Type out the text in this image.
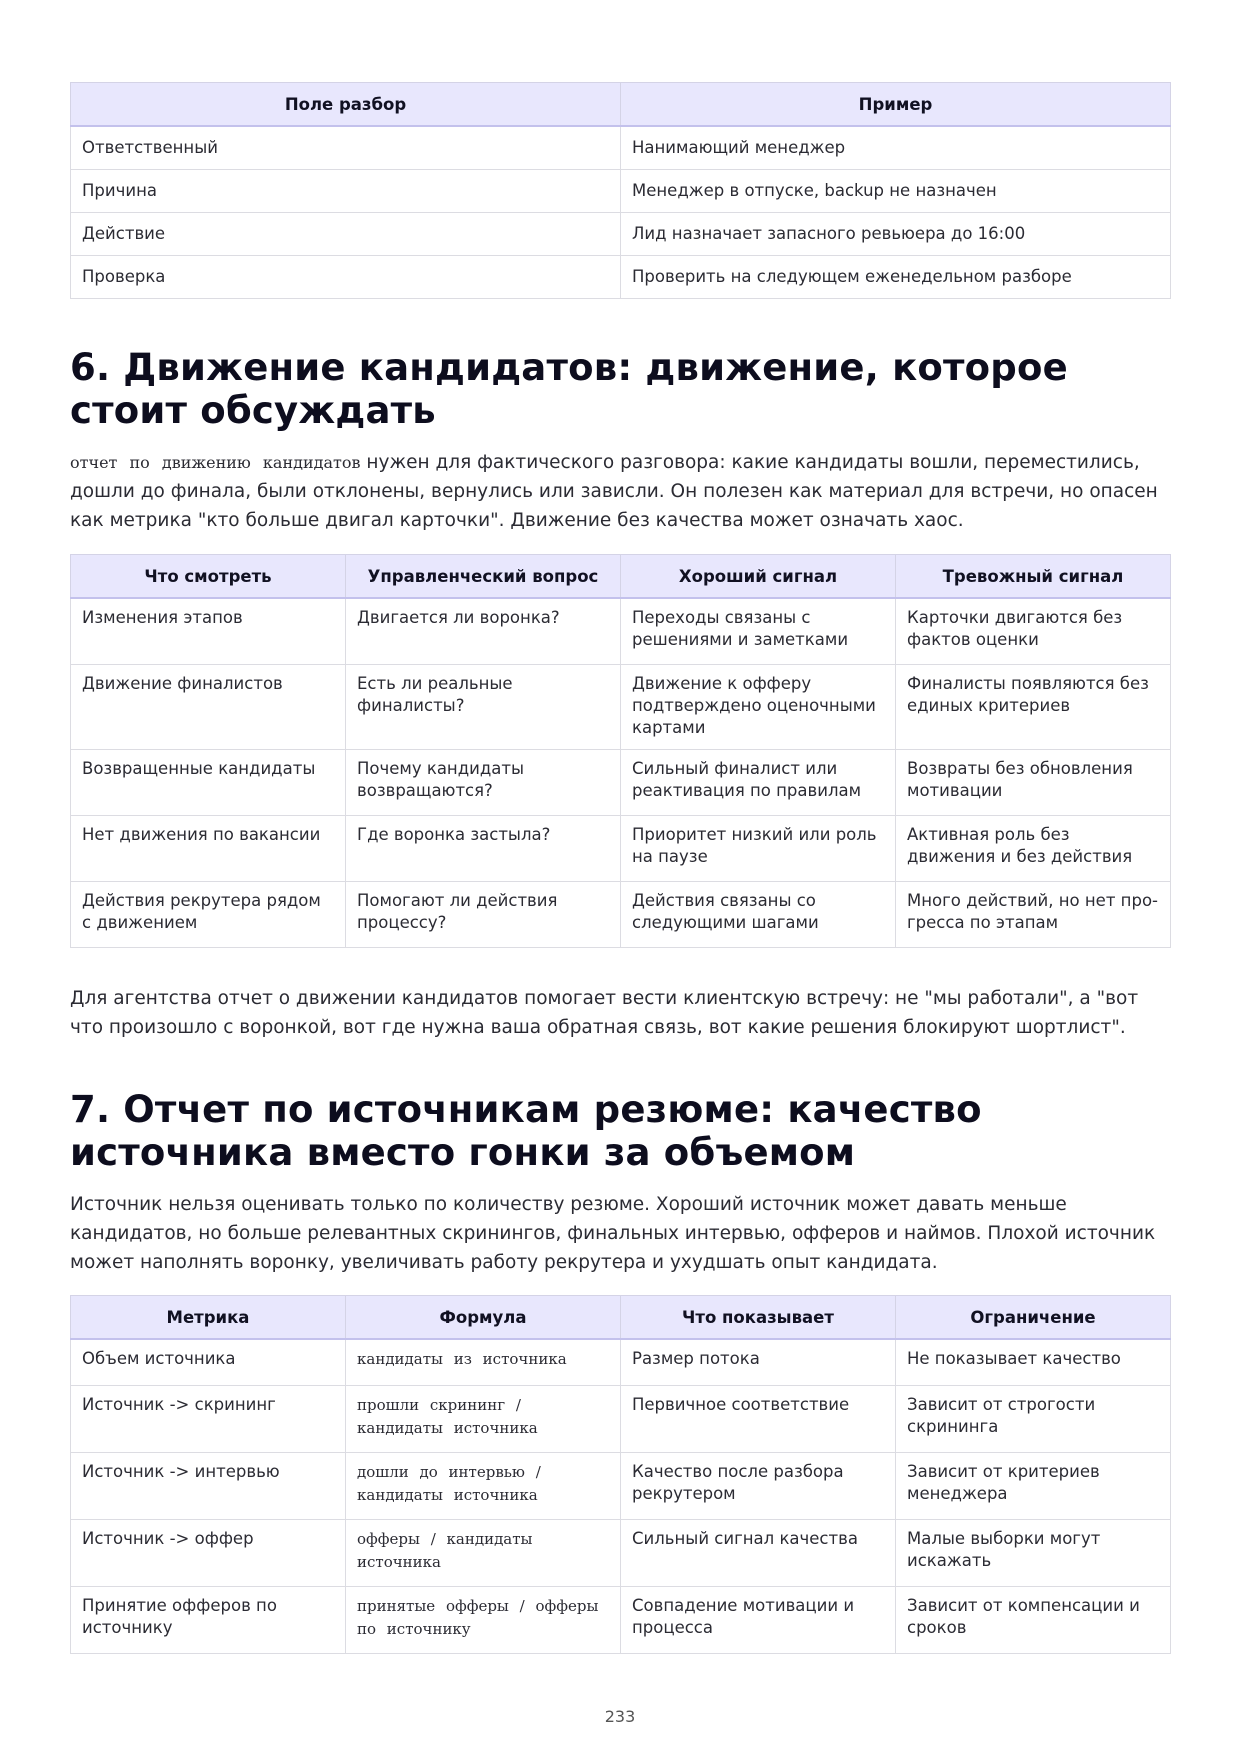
Поле разбор	Пример
Ответственный	Нанимающий менеджер
Причина	Менеджер в отпуске, backup не назначен
Действие	Лид назначает запасного ревьюера до 16:00
Проверка	Проверить на следующем еженедельном разборе
6. Движение кандидатов: движение, которое стоит обсуждать

отчет по движению кандидатов нужен для фактического разговора: какие кандидаты вошли, переместились, дошли до финала, были отклонены, вернулись или зависли. Он полезен как материал для встречи, но опасен как метрика "кто больше двигал карточки". Движение без качества может означать хаос.

Что смотреть	Управленческий вопрос	Хороший сигнал	Тревожный сигнал
Изменения этапов	Двигается ли воронка?	Переходы связаны с решениями и заметками	Карточки двигаются без фактов оценки
Движение финалистов	Есть ли реальные финалисты?	Движение к офферу подтверждено оценочными картами	Финалисты появляются без единых критериев
Возвращенные кандидаты	Почему кандидаты возвращаются?	Сильный финалист или реактивация по правилам	Возвраты без обновления мотивации
Нет движения по вакансии	Где воронка застыла?	Приоритет низкий или роль на паузе	Активная роль без движения и без действия
Действия рекрутера рядом с движением	Помогают ли действия процессу?	Действия связаны со следующими шагами	Много действий, но нет прогресса по этапам

Для агентства отчет о движении кандидатов помогает вести клиентскую встречу: не "мы работали", а "вот что произошло с воронкой, вот где нужна ваша обратная связь, вот какие решения блокируют шортлист".

7. Отчет по источникам резюме: качество источника вместо гонки за объемом

Источник нельзя оценивать только по количеству резюме. Хороший источник может давать меньше кандидатов, но больше релевантных скринингов, финальных интервью, офферов и наймов. Плохой источник может наполнять воронку, увеличивать работу рекрутера и ухудшать опыт кандидата.

Метрика	Формула	Что показывает	Ограничение
Объем источника	кандидаты из источника	Размер потока	Не показывает качество
Источник -> скрининг	прошли скрининг / кандидаты источника	Первичное соответствие	Зависит от строгости скрининга
Источник -> интервью	дошли до интервью / кандидаты источника	Качество после разбора рекрутером	Зависит от критериев менеджера
Источник -> оффер	офферы / кандидаты источника	Сильный сигнал качества	Малые выборки могут искажать
Принятие офферов по источнику	принятые офферы / офферы по источнику	Совпадение мотивации и процесса	Зависит от компенсации и сроков
233
